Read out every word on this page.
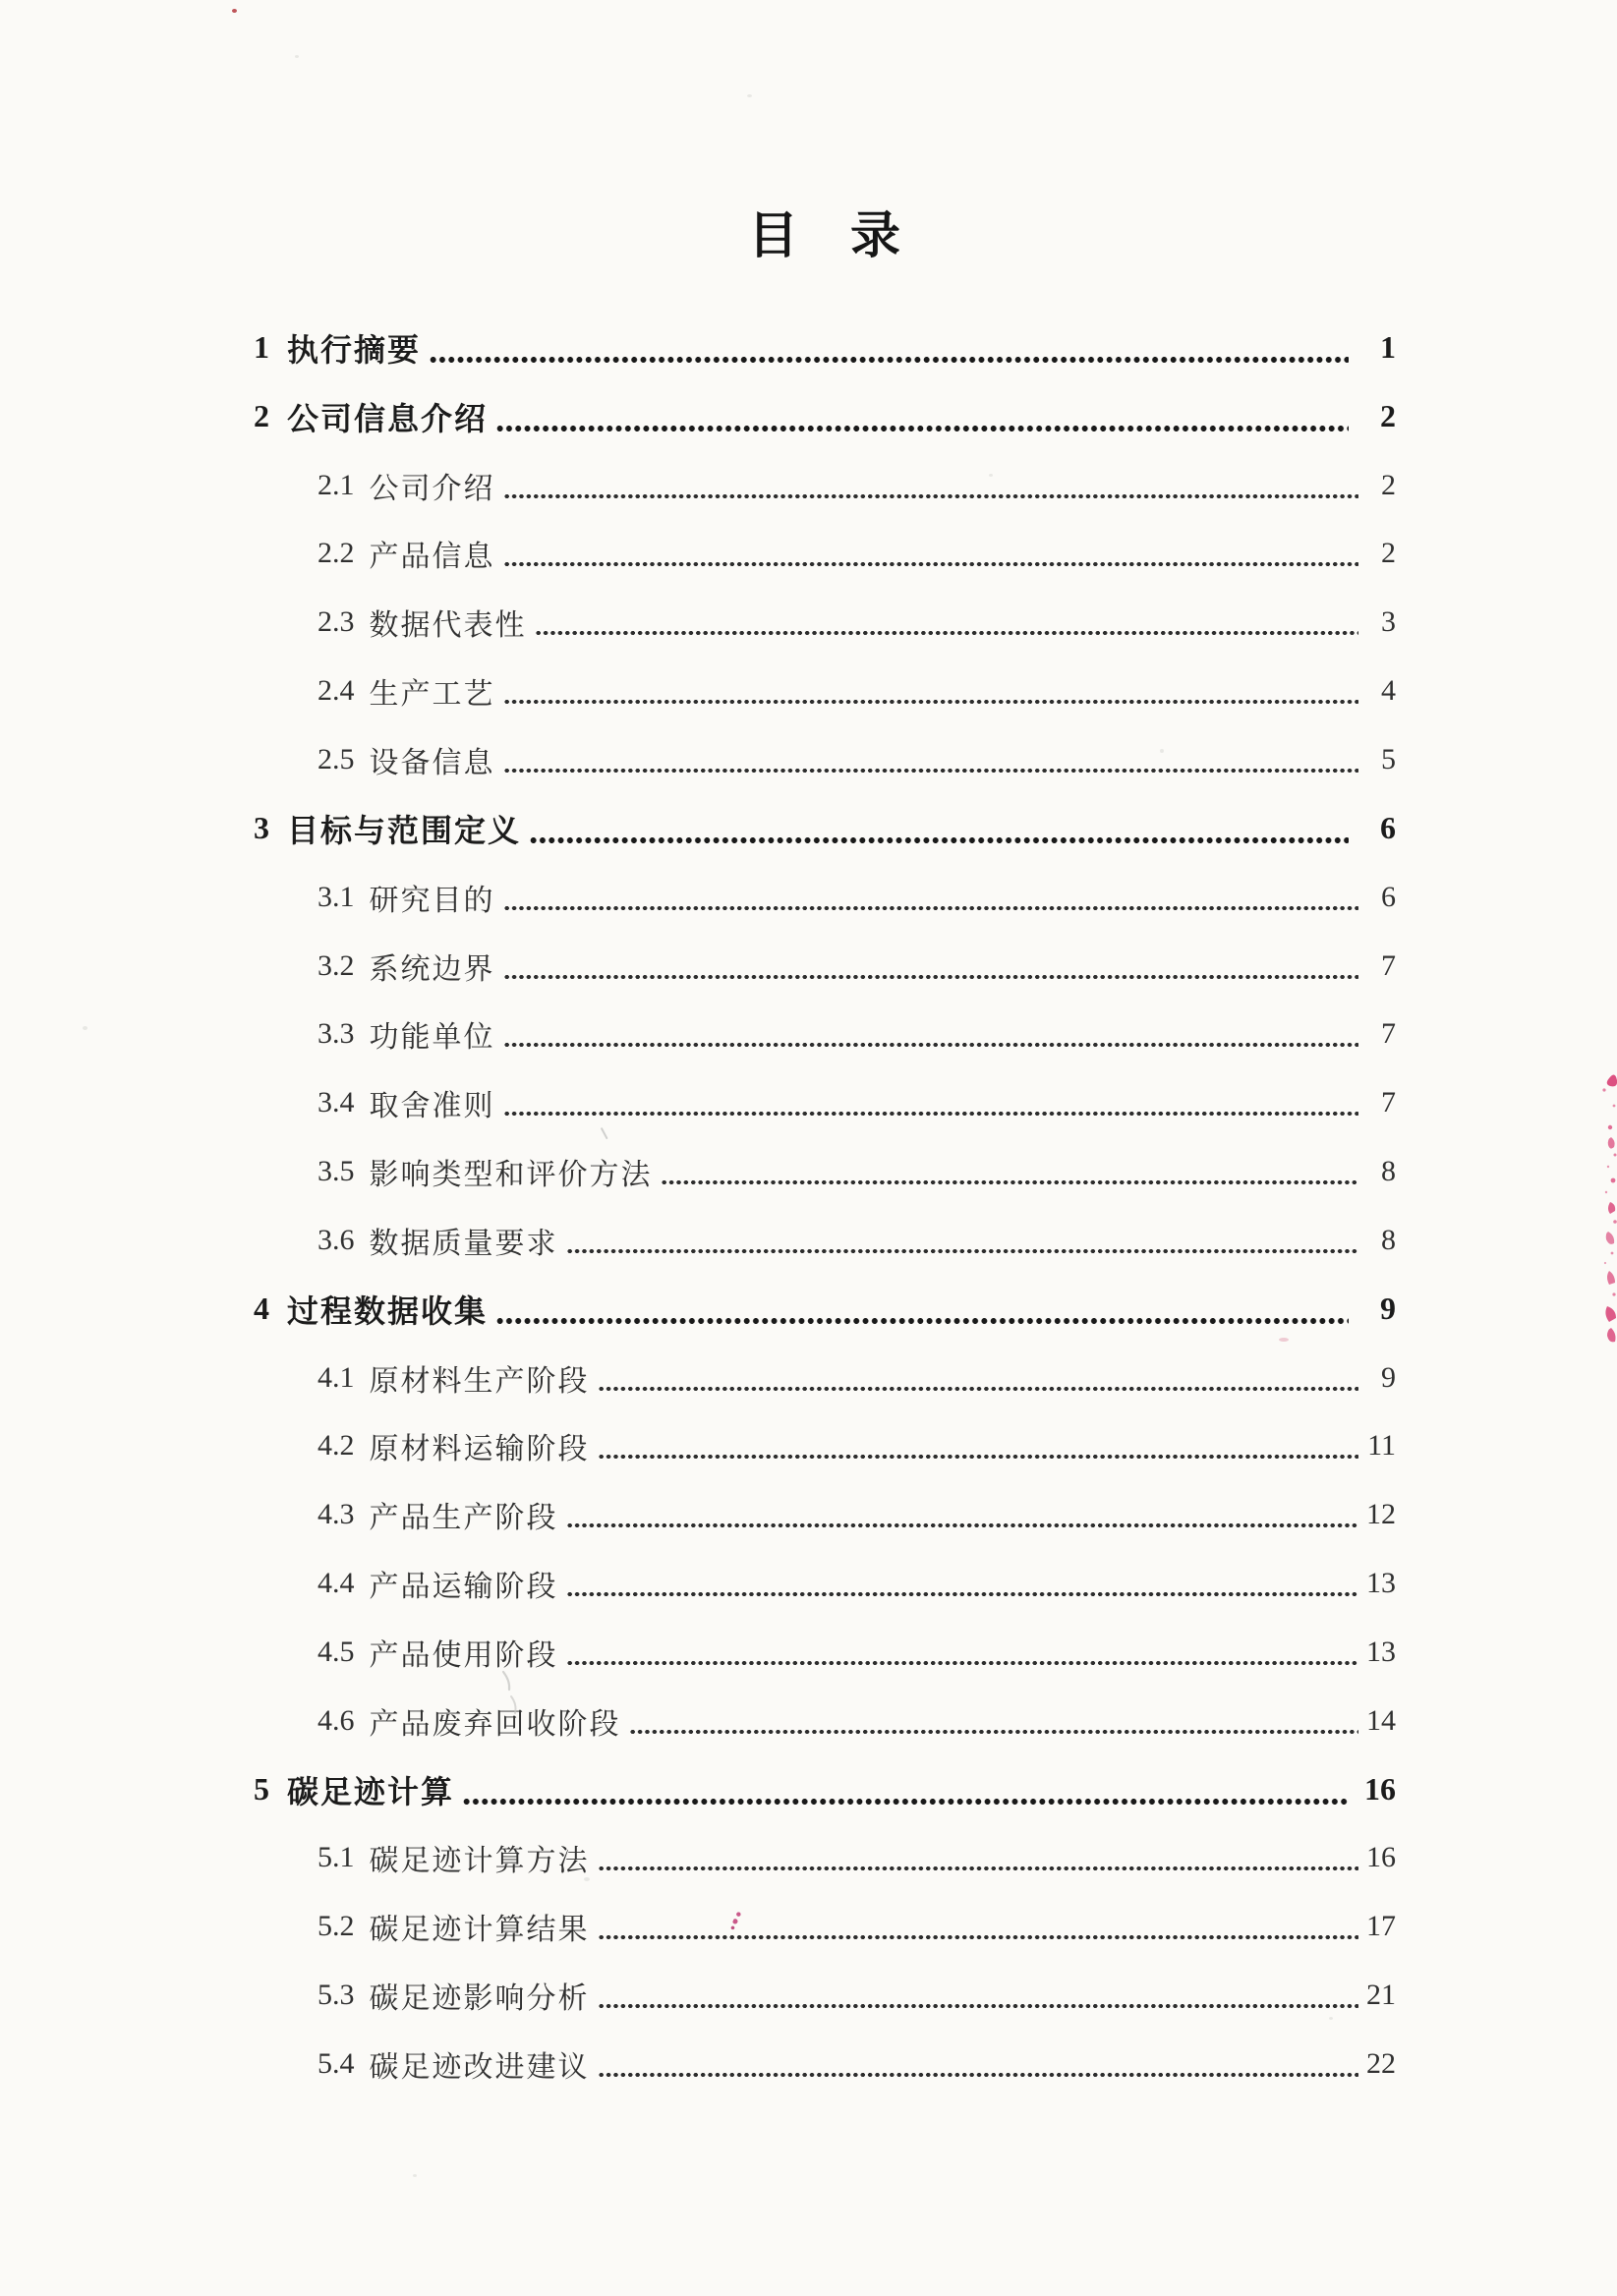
目 录
1 执行摘要	1
2 公司信息介绍	2
2.1 公司介绍	2
2.2 产品信息	2
2.3 数据代表性	3
2.4 生产工艺	4
2.5 设备信息	5
3 目标与范围定义	6
3.1 研究目的	6
3.2 系统边界	7
3.3 功能单位	7
3.4 取舍准则	7
3.5 影响类型和评价方法	8
3.6 数据质量要求	8
4 过程数据收集	9
4.1 原材料生产阶段	9
4.2 原材料运输阶段	11
4.3 产品生产阶段	12
4.4 产品运输阶段	13
4.5 产品使用阶段	13
4.6 产品废弃回收阶段	14
5 碳足迹计算	16
5.1 碳足迹计算方法	16
5.2 碳足迹计算结果	17
5.3 碳足迹影响分析	21
5.4 碳足迹改进建议	22
